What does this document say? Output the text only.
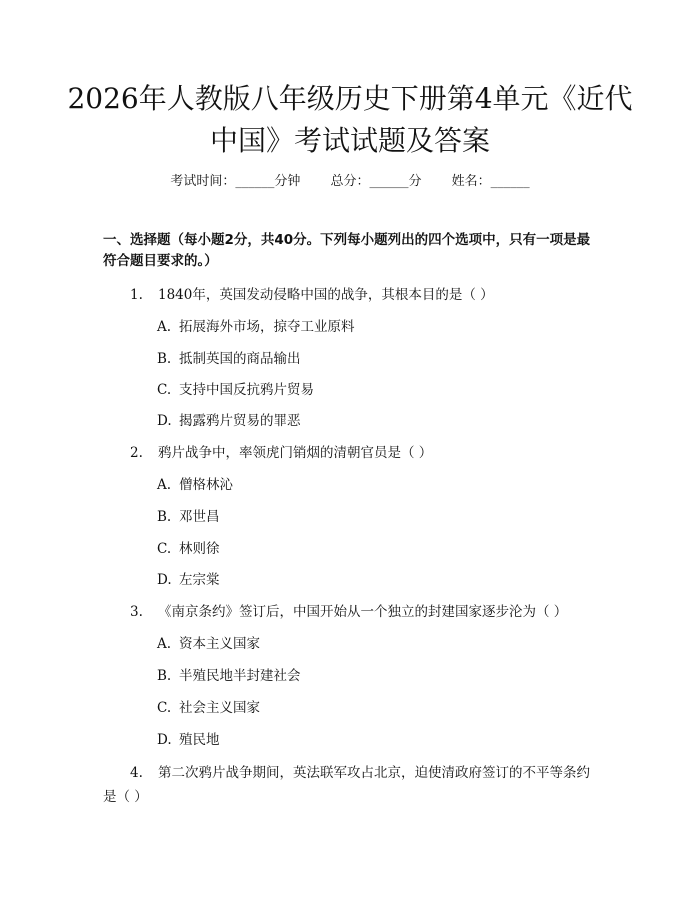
2026年人教版八年级历史下册第4单元《近代中国》考试试题及答案
考试时间：______分钟 总分：______分 姓名：______
一、选择题（每小题2分，共40分。下列每小题列出的四个选项中，只有一项是最符合题目要求的。）
1. 1840年，英国发动侵略中国的战争，其根本目的是（ ）
A. 拓展海外市场，掠夺工业原料
B. 抵制英国的商品输出
C. 支持中国反抗鸦片贸易
D. 揭露鸦片贸易的罪恶
2. 鸦片战争中，率领虎门销烟的清朝官员是（ ）
A. 僧格林沁
B. 邓世昌
C. 林则徐
D. 左宗棠
3. 《南京条约》签订后，中国开始从一个独立的封建国家逐步沦为（ ）
A. 资本主义国家
B. 半殖民地半封建社会
C. 社会主义国家
D. 殖民地
4. 第二次鸦片战争期间，英法联军攻占北京，迫使清政府签订的不平等条约是（ ）
